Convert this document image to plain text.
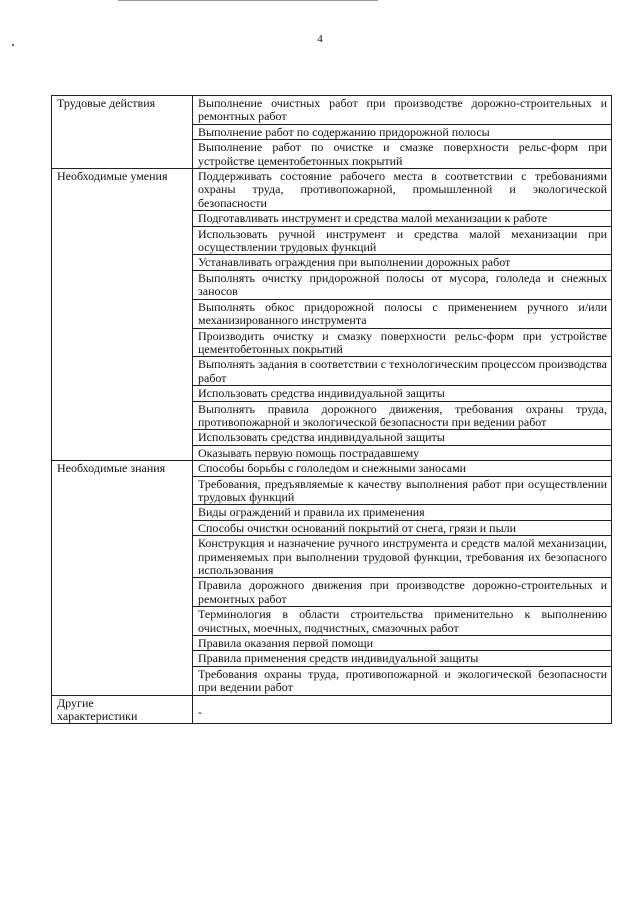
4
Трудовые действия	Выполнение очистных работ при производстве дорожно-строительных и ремонтных работ
	Выполнение работ по содержанию придорожной полосы
	Выполнение работ по очистке и смазке поверхности рельс-форм при устройстве цементобетонных покрытий
Необходимые умения	Поддерживать состояние рабочего места в соответствии с требованиями охраны труда, противопожарной, промышленной и экологической безопасности
	Подготавливать инструмент и средства малой механизации к работе
	Использовать ручной инструмент и средства малой механизации при осуществлении трудовых функций
	Устанавливать ограждения при выполнении дорожных работ
	Выполнять очистку придорожной полосы от мусора, гололеда и снежных заносов
	Выполнять обкос придорожной полосы с применением ручного и/или механизированного инструмента
	Производить очистку и смазку поверхности рельс-форм при устройстве цементобетонных покрытий
	Выполнять задания в соответствии с технологическим процессом производства работ
	Использовать средства индивидуальной защиты
	Выполнять правила дорожного движения, требования охраны труда, противопожарной и экологической безопасности при ведении работ
	Использовать средства индивидуальной защиты
	Оказывать первую помощь пострадавшему
Необходимые знания	Способы борьбы с гололедом и снежными заносами
	Требования, предъявляемые к качеству выполнения работ при осуществлении трудовых функций
	Виды ограждений и правила их применения
	Способы очистки оснований покрытий от снега, грязи и пыли
	Конструкция и назначение ручного инструмента и средств малой механизации, применяемых при выполнении трудовой функции, требования их безопасного использования
	Правила дорожного движения при производстве дорожно-строительных и ремонтных работ
	Терминология в области строительства применительно к выполнению очистных, моечных, подчистных, смазочных работ
	Правила оказания первой помощи
	Правила применения средств индивидуальной защиты
	Требования охраны труда, противопожарной и экологической безопасности при ведении работ

Другие
характеристики	-
